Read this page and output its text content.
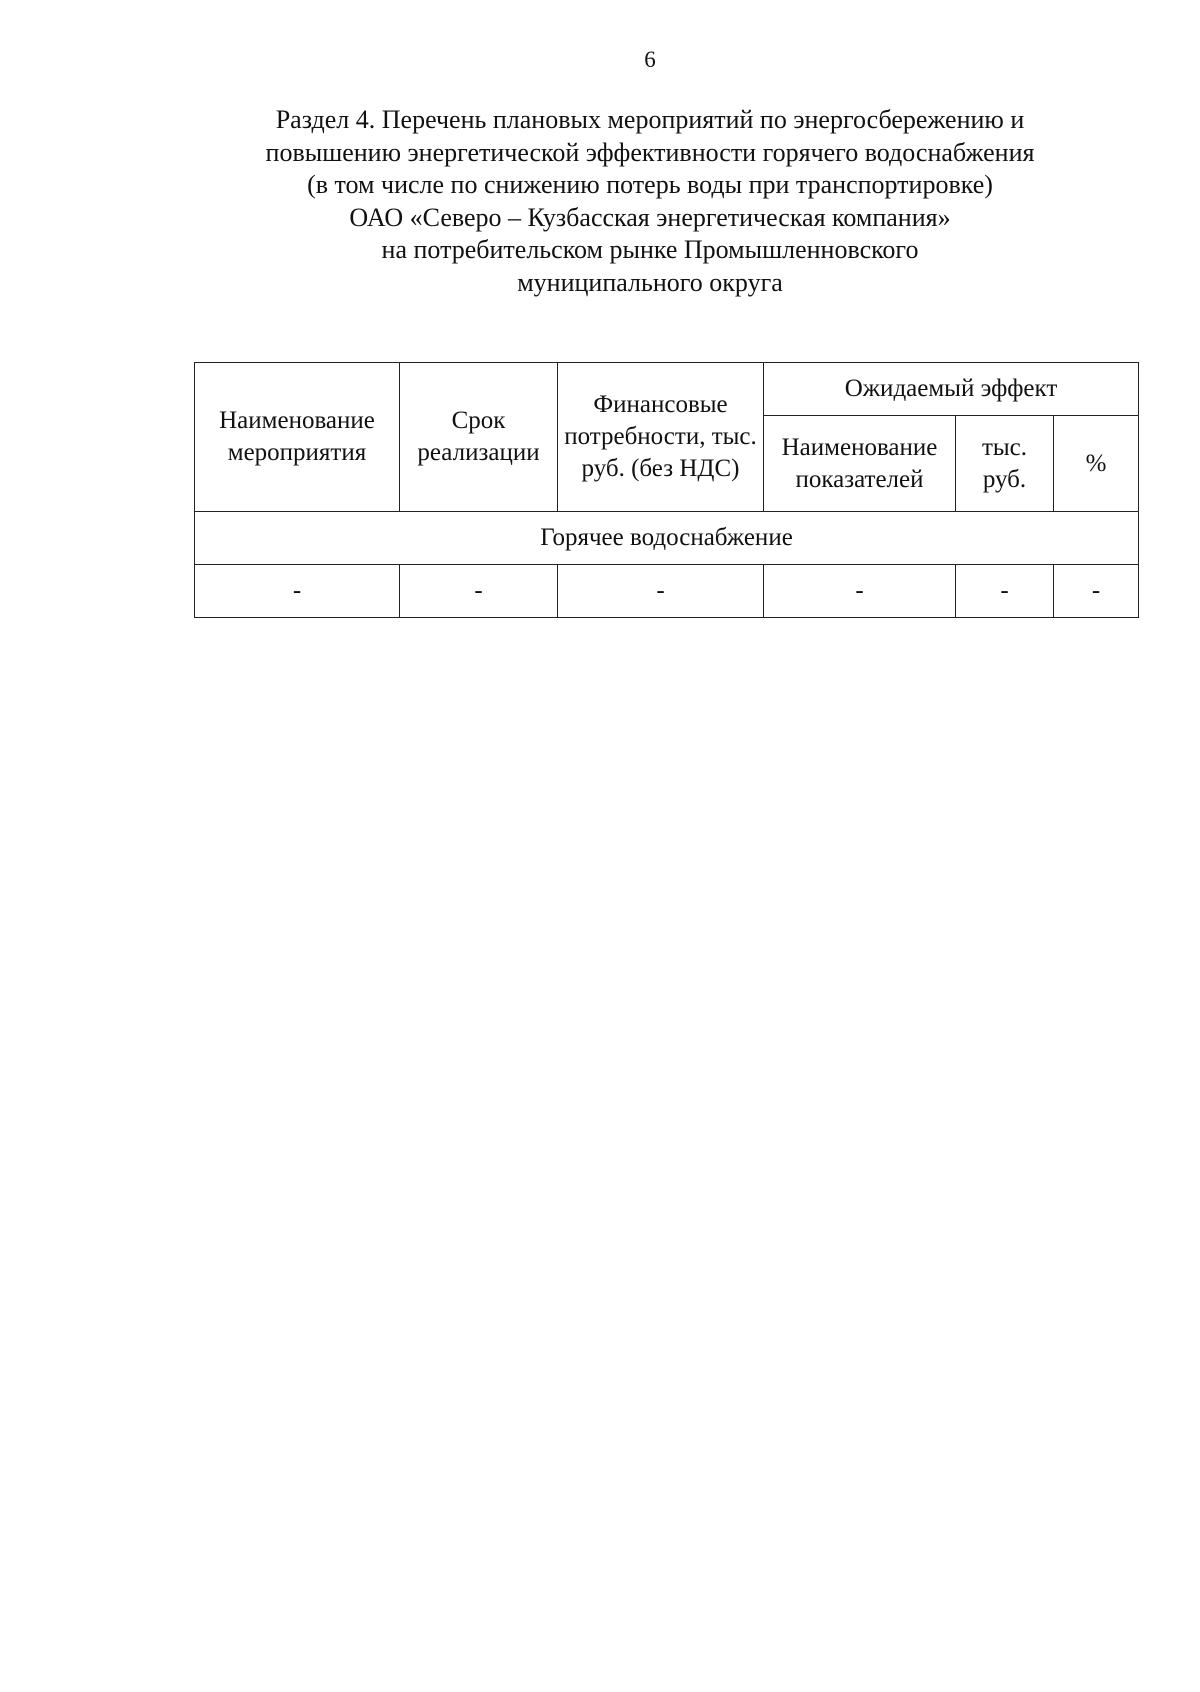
6
Раздел 4. Перечень плановых мероприятий по энергосбережению и
повышению энергетической эффективности горячего водоснабжения
(в том числе по снижению потерь воды при транспортировке)
ОАО «Северо – Кузбасская энергетическая компания»
на потребительском рынке Промышленновского
муниципального округа
Наименование мероприятия	Срок реализации	Финансовые потребности, тыс. руб. (без НДС)	Ожидаемый эффект		
			Наименование показателей	тыс. руб.	%
Горячее водоснабжение					
-	-	-	-	-	-
